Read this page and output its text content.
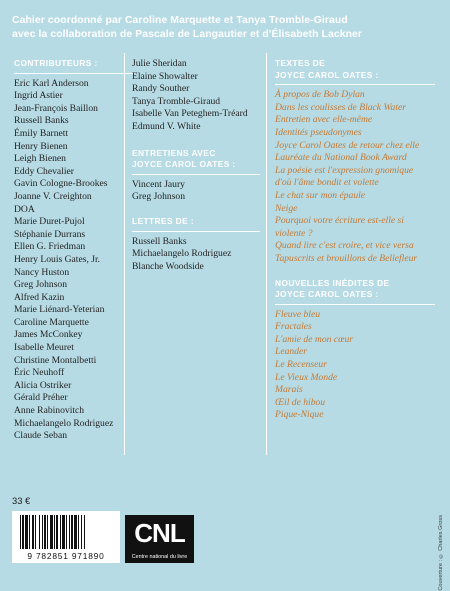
Cahier coordonné par Caroline Marquette et Tanya Tromble-Giraud
avec la collaboration de Pascale de Langautier et d'Élisabeth Lackner
CONTRIBUTEURS :
Eric Karl Anderson
Ingrid Astier
Jean-François Baillon
Russell Banks
Émily Barnett
Henry Bienen
Leigh Bienen
Eddy Chevalier
Gavin Cologne-Brookes
Joanne V. Creighton
DOA
Marie Duret-Pujol
Stéphanie Durrans
Ellen G. Friedman
Henry Louis Gates, Jr.
Nancy Huston
Greg Johnson
Alfred Kazin
Marie Liénard-Yeterian
Caroline Marquette
James McConkey
Isabelle Meuret
Christine Montalbetti
Éric Neuhoff
Alicia Ostriker
Gérald Préher
Anne Rabinovitch
Michaelangelo Rodriguez
Claude Seban
Julie Sheridan
Elaine Showalter
Randy Souther
Tanya Tromble-Giraud
Isabelle Van Peteghem-Tréard
Edmund V. White
ENTRETIENS AVEC
JOYCE CAROL OATES :
Vincent Jaury
Greg Johnson
LETTRES DE :
Russell Banks
Michaelangelo Rodriguez
Blanche Woodside
TEXTES DE
JOYCE CAROL OATES :
À propos de Bob Dylan
Dans les coulisses de Black Water
Entretien avec elle-même
Identités pseudonymes
Joyce Carol Oates de retour chez elle
Lauréate du National Book Award
La poésie est l'expression gnomique
d'où l'âme bondit et volette
Le chat sur mon épaule
Neige
Pourquoi votre écriture est-elle si
violente ?
Quand lire c'est croire, et vice versa
Tapuscrits et brouillons de Bellefleur
NOUVELLES INÉDITES DE
JOYCE CAROL OATES :
Fleuve bleu
Fractales
L'amie de mon cœur
Leander
Le Recenseur
Le Vieux Monde
Marais
Œil de hibou
Pique-Nique
33 €
9 782851 971890
CNL
Centre national du livre	Couverture : © Charles Gross
